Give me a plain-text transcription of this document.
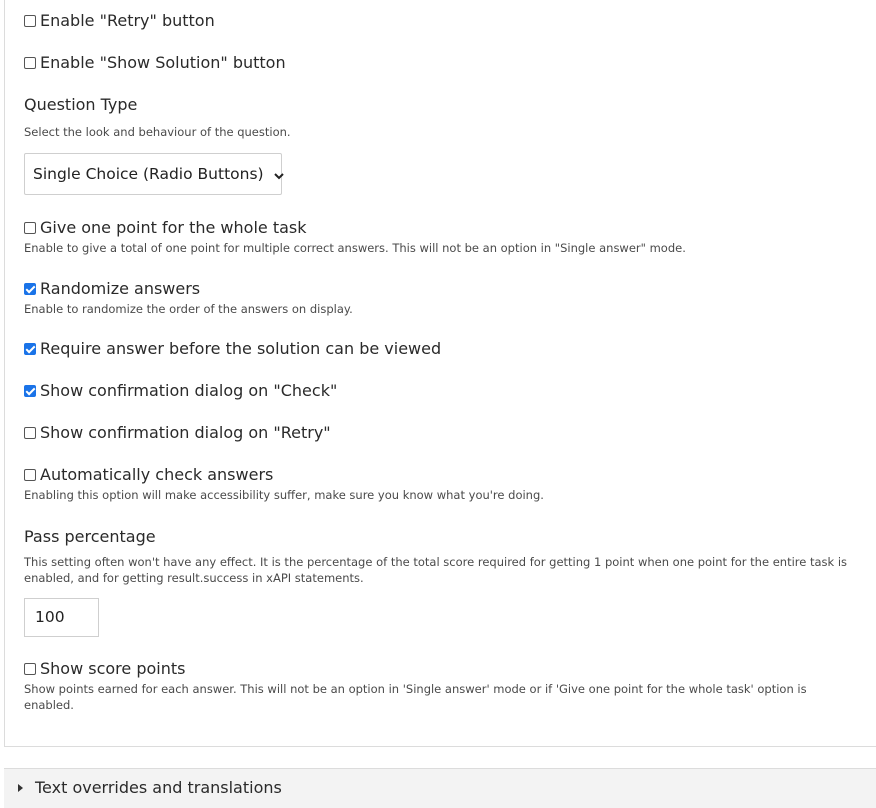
Enable "Retry" button
Enable "Show Solution" button
Question Type
Select the look and behaviour of the question.
Single Choice (Radio Buttons)
Give one point for the whole task
Enable to give a total of one point for multiple correct answers. This will not be an option in "Single answer" mode.
Randomize answers
Enable to randomize the order of the answers on display.
Require answer before the solution can be viewed
Show confirmation dialog on "Check"
Show confirmation dialog on "Retry"
Automatically check answers
Enabling this option will make accessibility suffer, make sure you know what you're doing.
Pass percentage
This setting often won't have any effect. It is the percentage of the total score required for getting 1 point when one point for the entire task is enabled, and for getting result.success in xAPI statements.
100
Show score points
Show points earned for each answer. This will not be an option in 'Single answer' mode or if 'Give one point for the whole task' option is enabled.
Text overrides and translations
